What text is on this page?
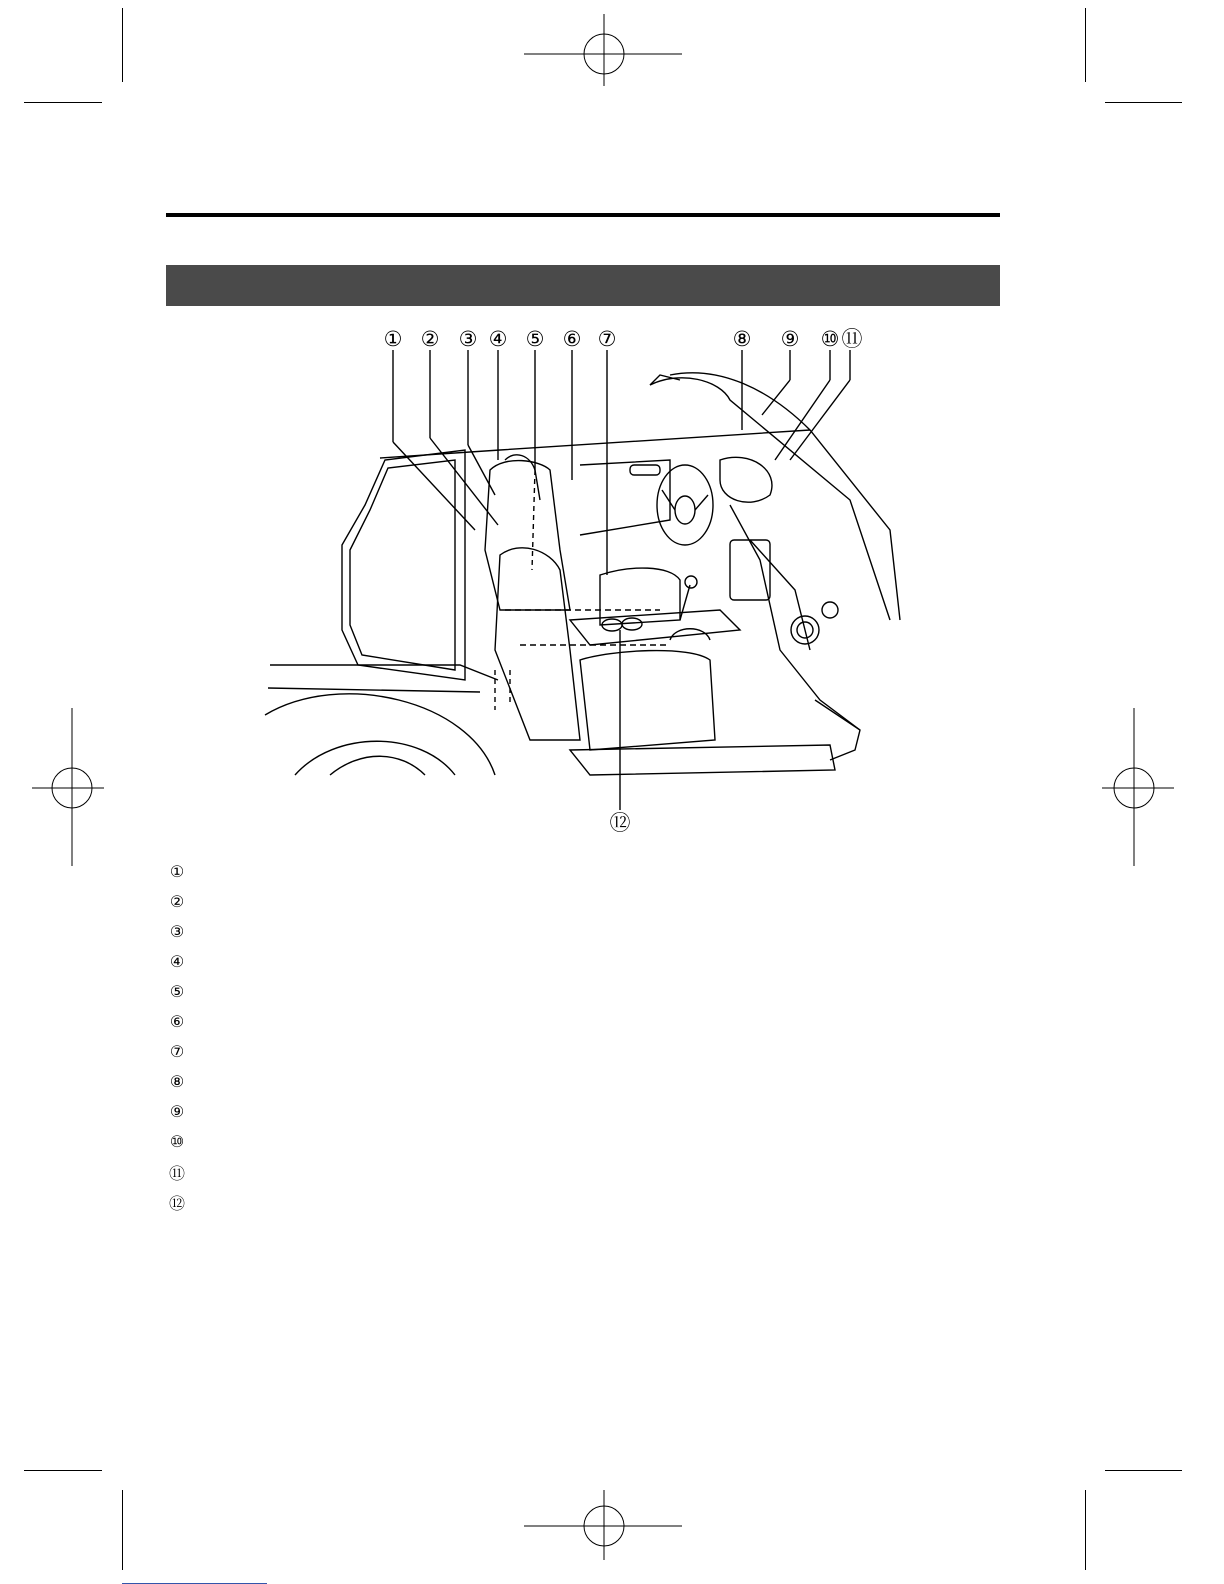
① ② ③ ④ ⑤ ⑥ ⑦	⑧ ⑨ ⑩ ⑪
⑫
①
②
③
④
⑤
⑥
⑦
⑧
⑨
⑩
⑪
⑫
